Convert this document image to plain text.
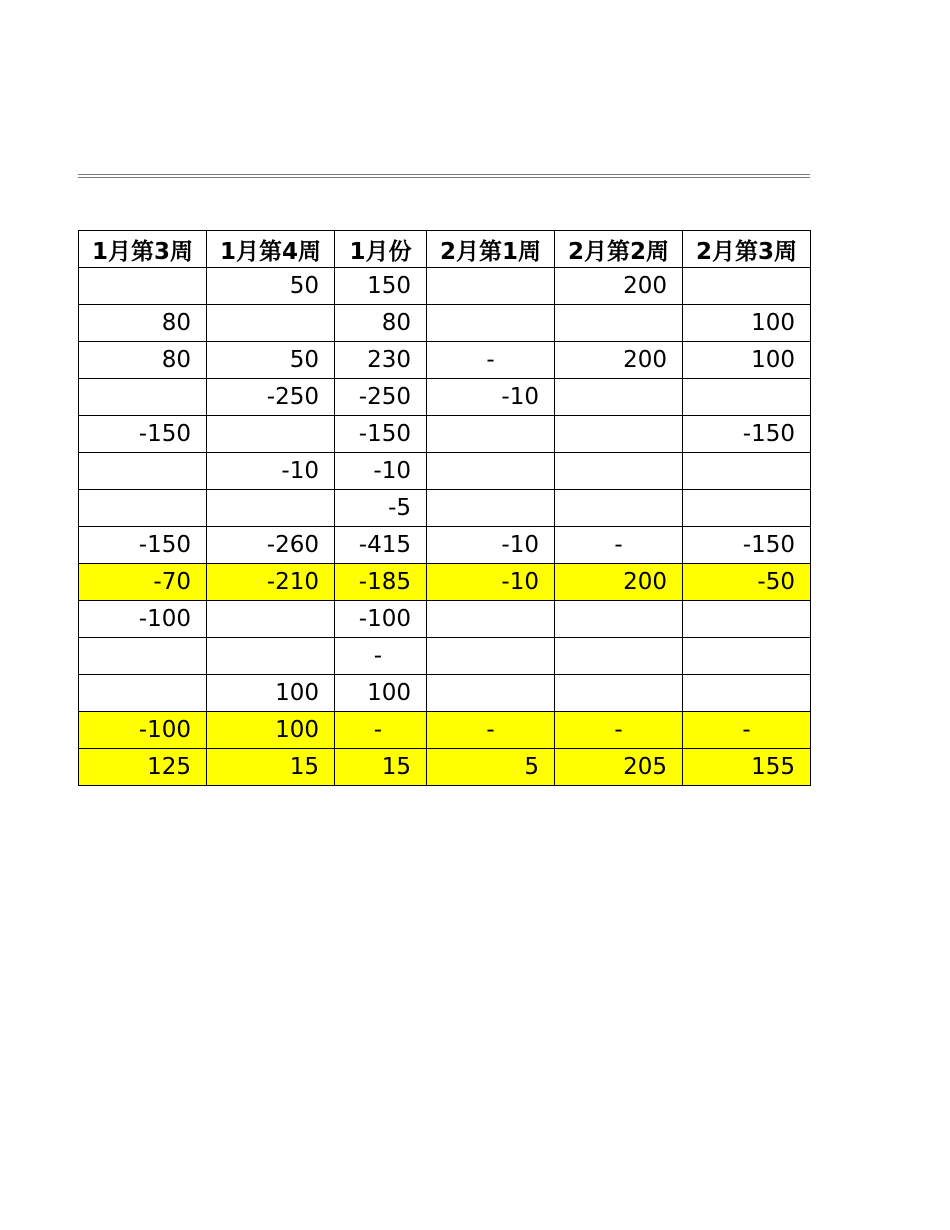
1月第3周	1月第4周	1月份	2月第1周	2月第2周	2月第3周
	50	150		200	
80		80			100
80	50	230	-	200	100
	-250	-250	-10		
-150		-150			-150
	-10	-10			
		-5			
-150	-260	-415	-10	-	-150
-70	-210	-185	-10	200	-50
-100		-100			
		-			
	100	100			
-100	100	-	-	-	-
125	15	15	5	205	155
